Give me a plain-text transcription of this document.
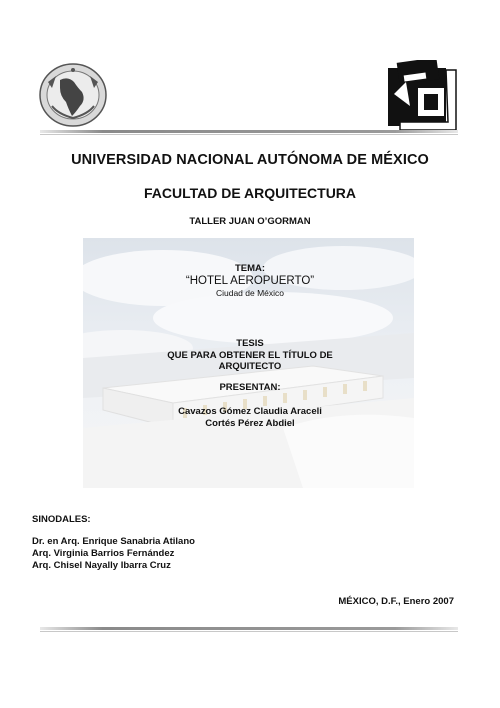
UNIVERSIDAD NACIONAL AUTÓNOMA DE MÉXICO
FACULTAD DE ARQUITECTURA
TALLER JUAN O’GORMAN
TEMA:
“HOTEL AEROPUERTO”
Ciudad de México
TESIS
QUE PARA OBTENER EL TÍTULO DE
ARQUITECTO
PRESENTAN:
Cavazos Gómez Claudia Araceli
Cortés Pérez Abdiel
SINODALES:
Dr. en Arq. Enrique Sanabria Atilano
Arq. Virginia Barrios Fernández
Arq. Chisel Nayally Ibarra Cruz
MÉXICO, D.F., Enero 2007
